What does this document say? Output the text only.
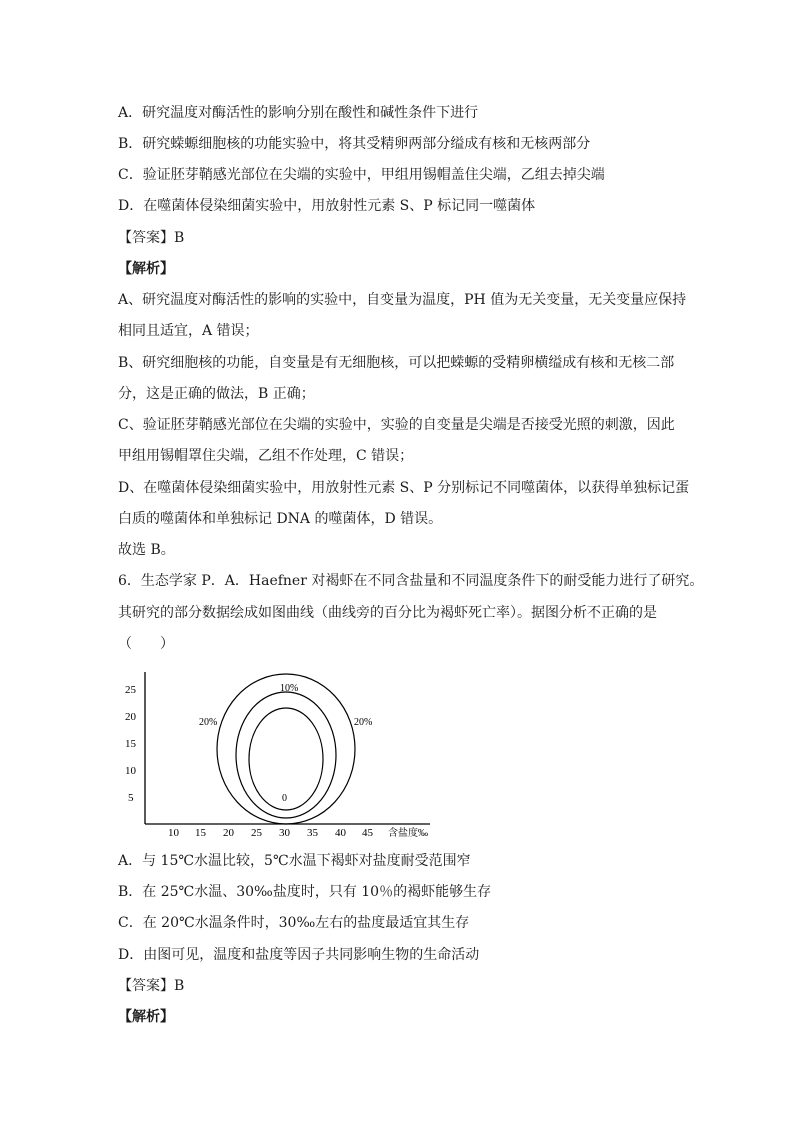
A．研究温度对酶活性的影响分别在酸性和碱性条件下进行
B．研究蝾螈细胞核的功能实验中，将其受精卵两部分缢成有核和无核两部分
C．验证胚芽鞘感光部位在尖端的实验中，甲组用锡帽盖住尖端，乙组去掉尖端
D．在噬菌体侵染细菌实验中，用放射性元素 S、P 标记同一噬菌体
【答案】B
【解析】
A、研究温度对酶活性的影响的实验中，自变量为温度，PH 值为无关变量，无关变量应保持
相同且适宜，A 错误；
B、研究细胞核的功能，自变量是有无细胞核，可以把蝾螈的受精卵横缢成有核和无核二部
分，这是正确的做法，B 正确；
C、验证胚芽鞘感光部位在尖端的实验中，实验的自变量是尖端是否接受光照的刺激，因此
甲组用锡帽罩住尖端，乙组不作处理，C 错误；
D、在噬菌体侵染细菌实验中，用放射性元素 S、P 分别标记不同噬菌体，以获得单独标记蛋
白质的噬菌体和单独标记 DNA 的噬菌体，D 错误。
故选 B。
6．生态学家 P．A．Haefner 对褐虾在不同含盐量和不同温度条件下的耐受能力进行了研究。
其研究的部分数据绘成如图曲线（曲线旁的百分比为褐虾死亡率）。据图分析不正确的是
（　　）
25
20
15
10
5
10 15 20 25 30 35 40 45 含盐度‰
20%	20%
10%
0
A．与 15℃水温比较，5℃水温下褐虾对盐度耐受范围窄
B．在 25℃水温、30‰盐度时，只有 10％的褐虾能够生存
C．在 20℃水温条件时，30‰左右的盐度最适宜其生存
D．由图可见，温度和盐度等因子共同影响生物的生命活动
【答案】B
【解析】
